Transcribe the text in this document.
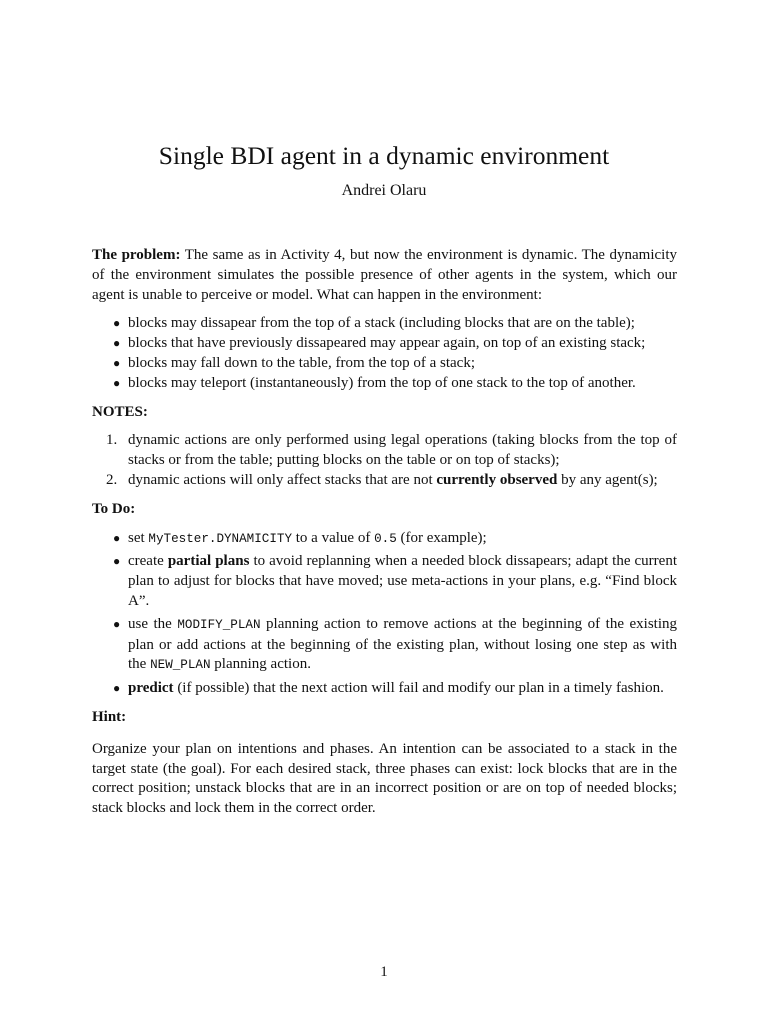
Single BDI agent in a dynamic environment
Andrei Olaru

The problem: The same as in Activity 4, but now the environment is dynamic. The dynamicity of the environment simulates the possible presence of other agents in the system, which our agent is unable to perceive or model. What can happen in the environment:

● blocks may dissapear from the top of a stack (including blocks that are on the table);
● blocks that have previously dissapeared may appear again, on top of an existing stack;
● blocks may fall down to the table, from the top of a stack;
● blocks may teleport (instantaneously) from the top of one stack to the top of another.
NOTES:
1. dynamic actions are only performed using legal operations (taking blocks from the top of stacks or from the table; putting blocks on the table or on top of stacks);
2. dynamic actions will only affect stacks that are not currently observed by any agent(s);
To Do:
● set MyTester.DYNAMICITY to a value of 0.5 (for example);
● create partial plans to avoid replanning when a needed block dissapears; adapt the current plan to adjust for blocks that have moved; use meta-actions in your plans, e.g. “Find block A”.
● use the MODIFY_PLAN planning action to remove actions at the beginning of the existing plan or add actions at the beginning of the existing plan, without losing one step as with the NEW_PLAN planning action.
● predict (if possible) that the next action will fail and modify our plan in a timely fashion.
Hint:

Organize your plan on intentions and phases. An intention can be associated to a stack in the target state (the goal). For each desired stack, three phases can exist: lock blocks that are in the correct position; unstack blocks that are in an incorrect position or are on top of needed blocks; stack blocks and lock them in the correct order.

1
